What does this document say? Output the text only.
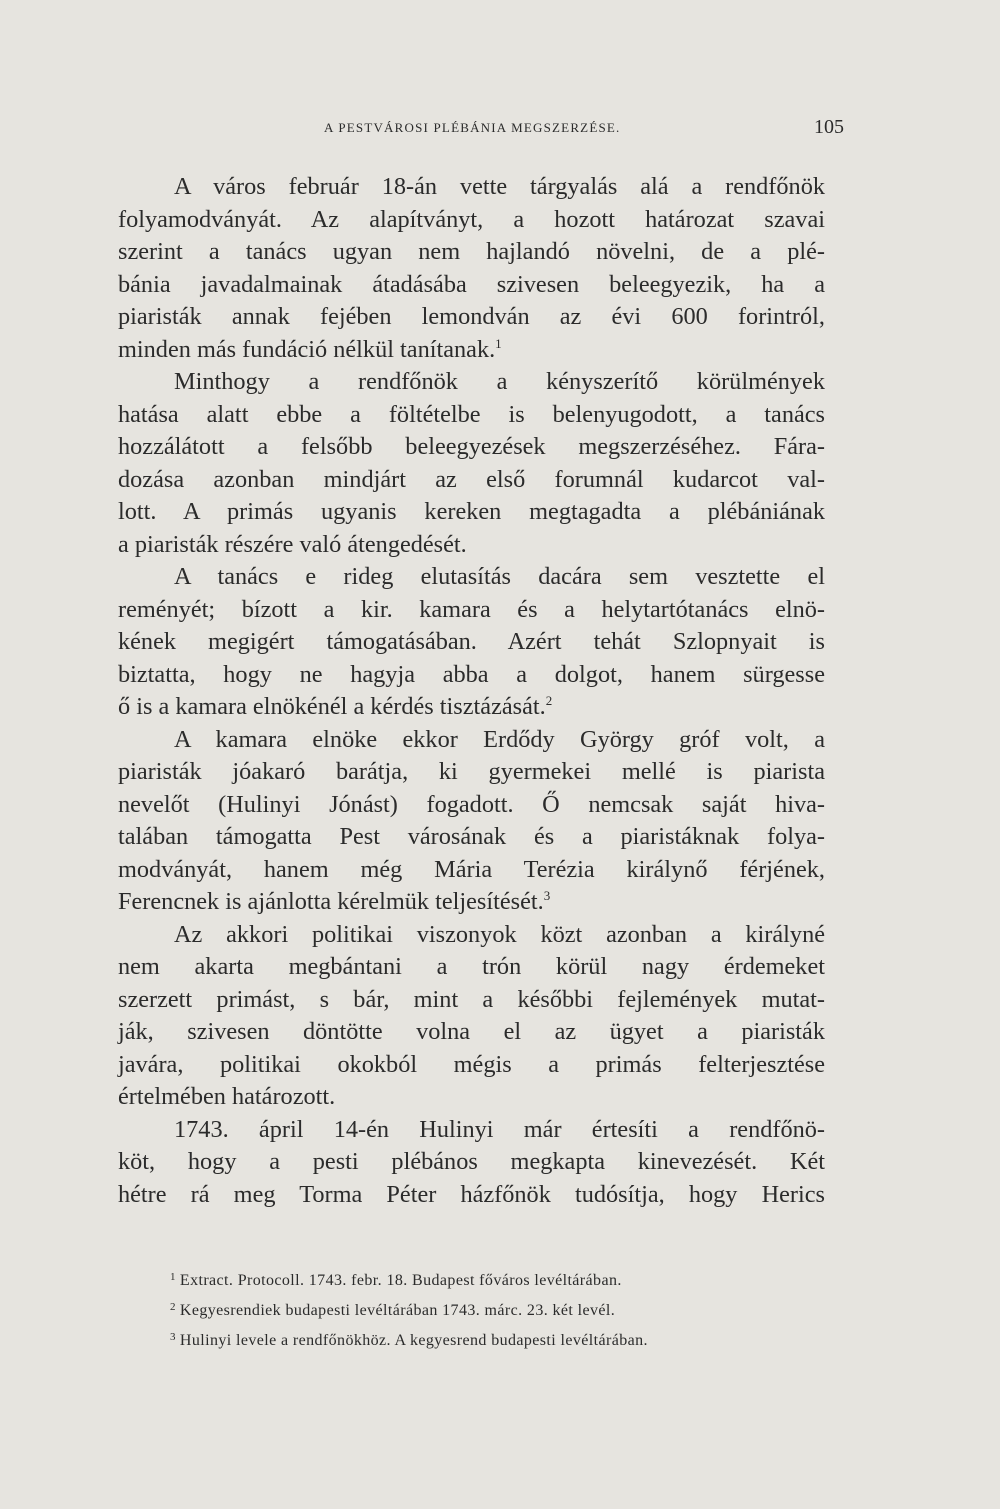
A PESTVÁROSI PLÉBÁNIA MEGSZERZÉSE.	105
A város február 18-án vette tárgyalás alá a rendfőnök
folyamodványát. Az alapítványt, a hozott határozat szavai
szerint a tanács ugyan nem hajlandó növelni, de a plé-
bánia javadalmainak átadásába szivesen beleegyezik, ha a
piaristák annak fejében lemondván az évi 600 forintról,
minden más fundáció nélkül tanítanak.$^1$
Minthogy a rendfőnök a kényszerítő körülmények
hatása alatt ebbe a föltételbe is belenyugodott, a tanács
hozzálátott a felsőbb beleegyezések megszerzéséhez. Fára-
dozása azonban mindjárt az első forumnál kudarcot val-
lott. A primás ugyanis kereken megtagadta a plébániának
a piaristák részére való átengedését.
A tanács e rideg elutasítás dacára sem vesztette el
reményét; bízott a kir. kamara és a helytartótanács elnö-
kének megigért támogatásában. Azért tehát Szlopnyait is
biztatta, hogy ne hagyja abba a dolgot, hanem sürgesse
ő is a kamara elnökénél a kérdés tisztázását.$^2$
A kamara elnöke ekkor Erdődy György gróf volt, a
piaristák jóakaró barátja, ki gyermekei mellé is piarista
nevelőt (Hulinyi Jónást) fogadott. Ő nemcsak saját hiva-
talában támogatta Pest városának és a piaristáknak folya-
modványát, hanem még Mária Terézia királynő férjének,
Ferencnek is ajánlotta kérelmük teljesítését.$^3$
Az akkori politikai viszonyok közt azonban a királyné
nem akarta megbántani a trón körül nagy érdemeket
szerzett primást, s bár, mint a későbbi fejlemények mutat-
ják, szivesen döntötte volna el az ügyet a piaristák
javára, politikai okokból mégis a primás felterjesztése
értelmében határozott.
1743. ápril 14-én Hulinyi már értesíti a rendfőnö-
köt, hogy a pesti plébános megkapta kinevezését. Két
hétre rá meg Torma Péter házfőnök tudósítja, hogy Herics
$^1$ Extract. Protocoll. 1743. febr. 18. Budapest főváros levéltárában.
$^2$ Kegyesrendiek budapesti levéltárában 1743. márc. 23. két levél.
$^3$ Hulinyi levele a rendfőnökhöz. A kegyesrend budapesti levéltárában.
